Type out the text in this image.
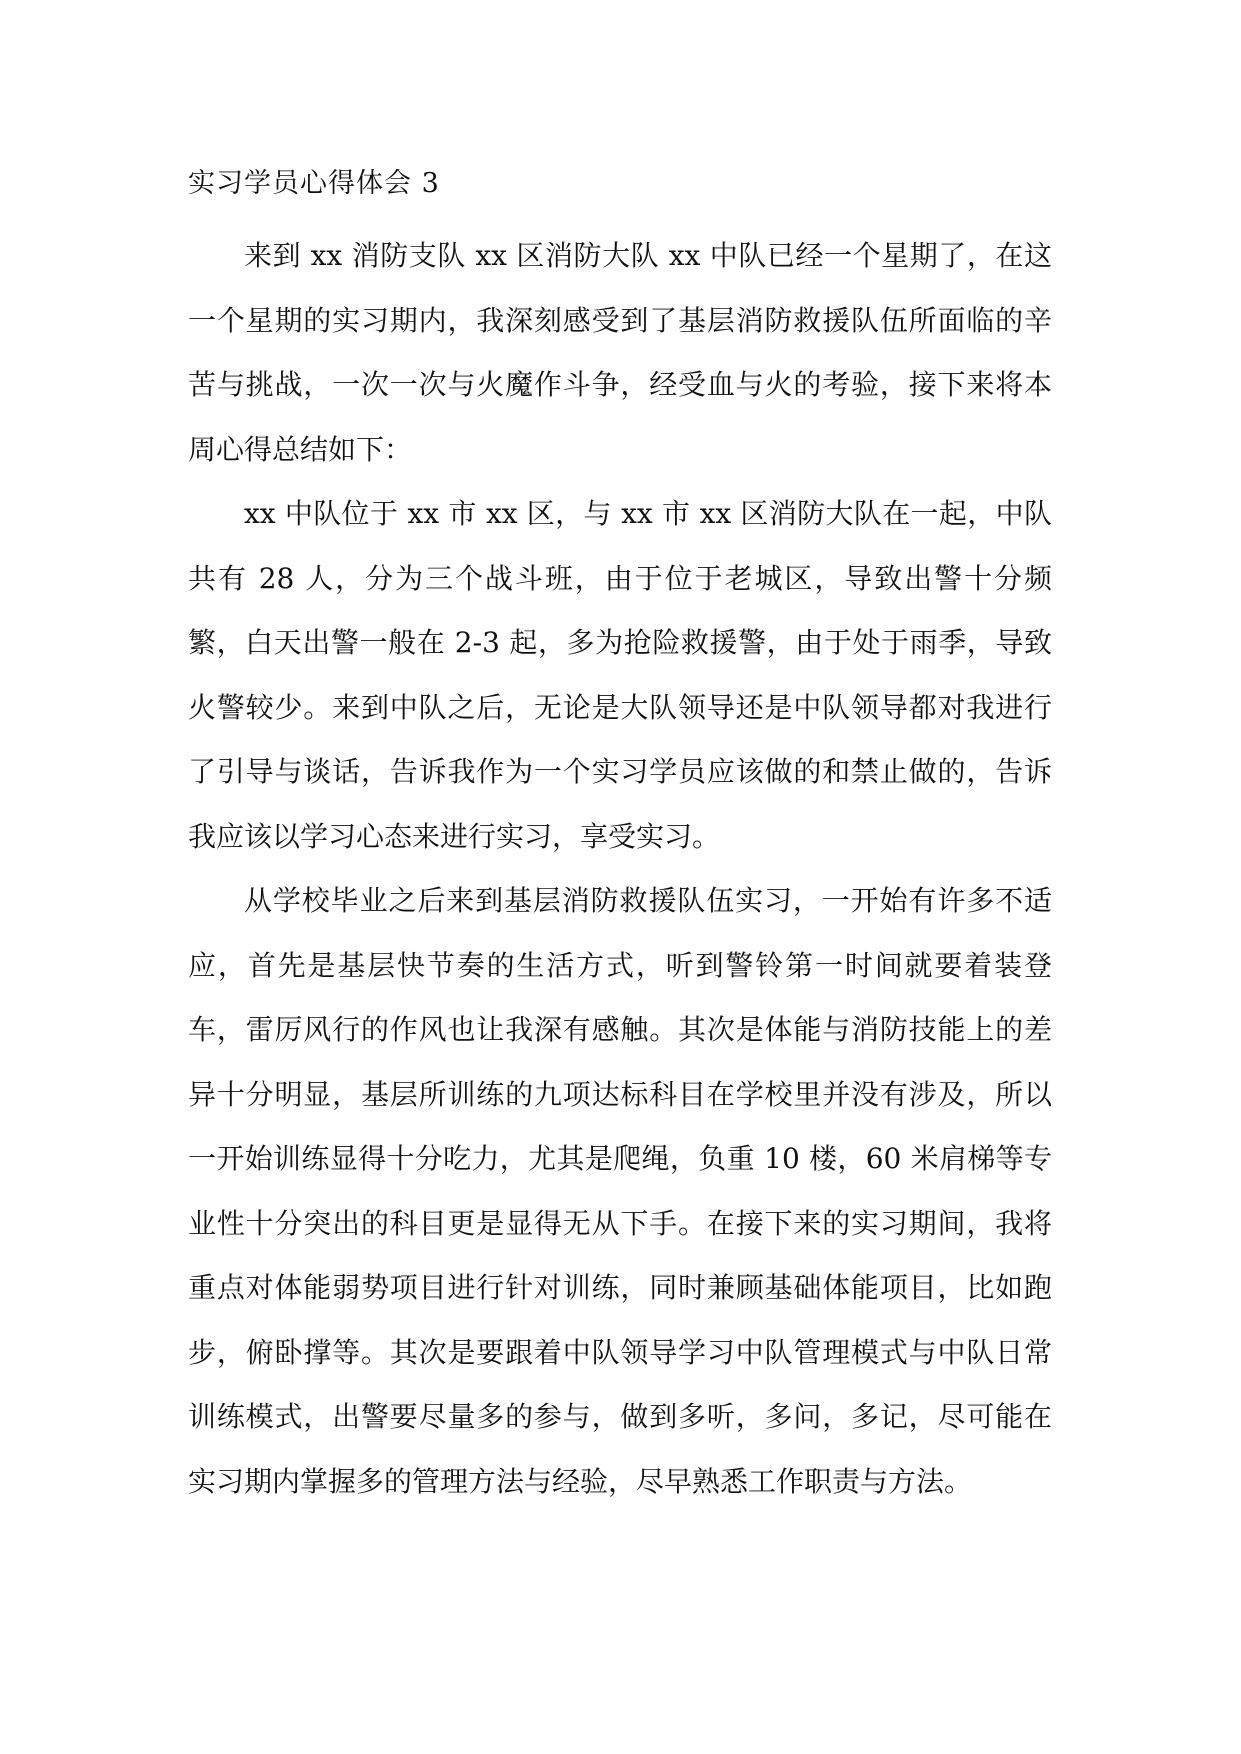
实习学员心得体会 3

来到 xx 消防支队 xx 区消防大队 xx 中队已经一个星期了，在这一个星期的实习期内，我深刻感受到了基层消防救援队伍所面临的辛苦与挑战，一次一次与火魔作斗争，经受血与火的考验，接下来将本周心得总结如下：

xx 中队位于 xx 市 xx 区，与 xx 市 xx 区消防大队在一起，中队共有 28 人，分为三个战斗班，由于位于老城区，导致出警十分频繁，白天出警一般在 2-3 起，多为抢险救援警，由于处于雨季，导致火警较少。来到中队之后，无论是大队领导还是中队领导都对我进行了引导与谈话，告诉我作为一个实习学员应该做的和禁止做的，告诉我应该以学习心态来进行实习，享受实习。

从学校毕业之后来到基层消防救援队伍实习，一开始有许多不适应，首先是基层快节奏的生活方式，听到警铃第一时间就要着装登车，雷厉风行的作风也让我深有感触。其次是体能与消防技能上的差异十分明显，基层所训练的九项达标科目在学校里并没有涉及，所以一开始训练显得十分吃力，尤其是爬绳，负重 10 楼，60 米肩梯等专业性十分突出的科目更是显得无从下手。在接下来的实习期间，我将重点对体能弱势项目进行针对训练，同时兼顾基础体能项目，比如跑步，俯卧撑等。其次是要跟着中队领导学习中队管理模式与中队日常训练模式，出警要尽量多的参与，做到多听，多问，多记，尽可能在实习期内掌握多的管理方法与经验，尽早熟悉工作职责与方法。
